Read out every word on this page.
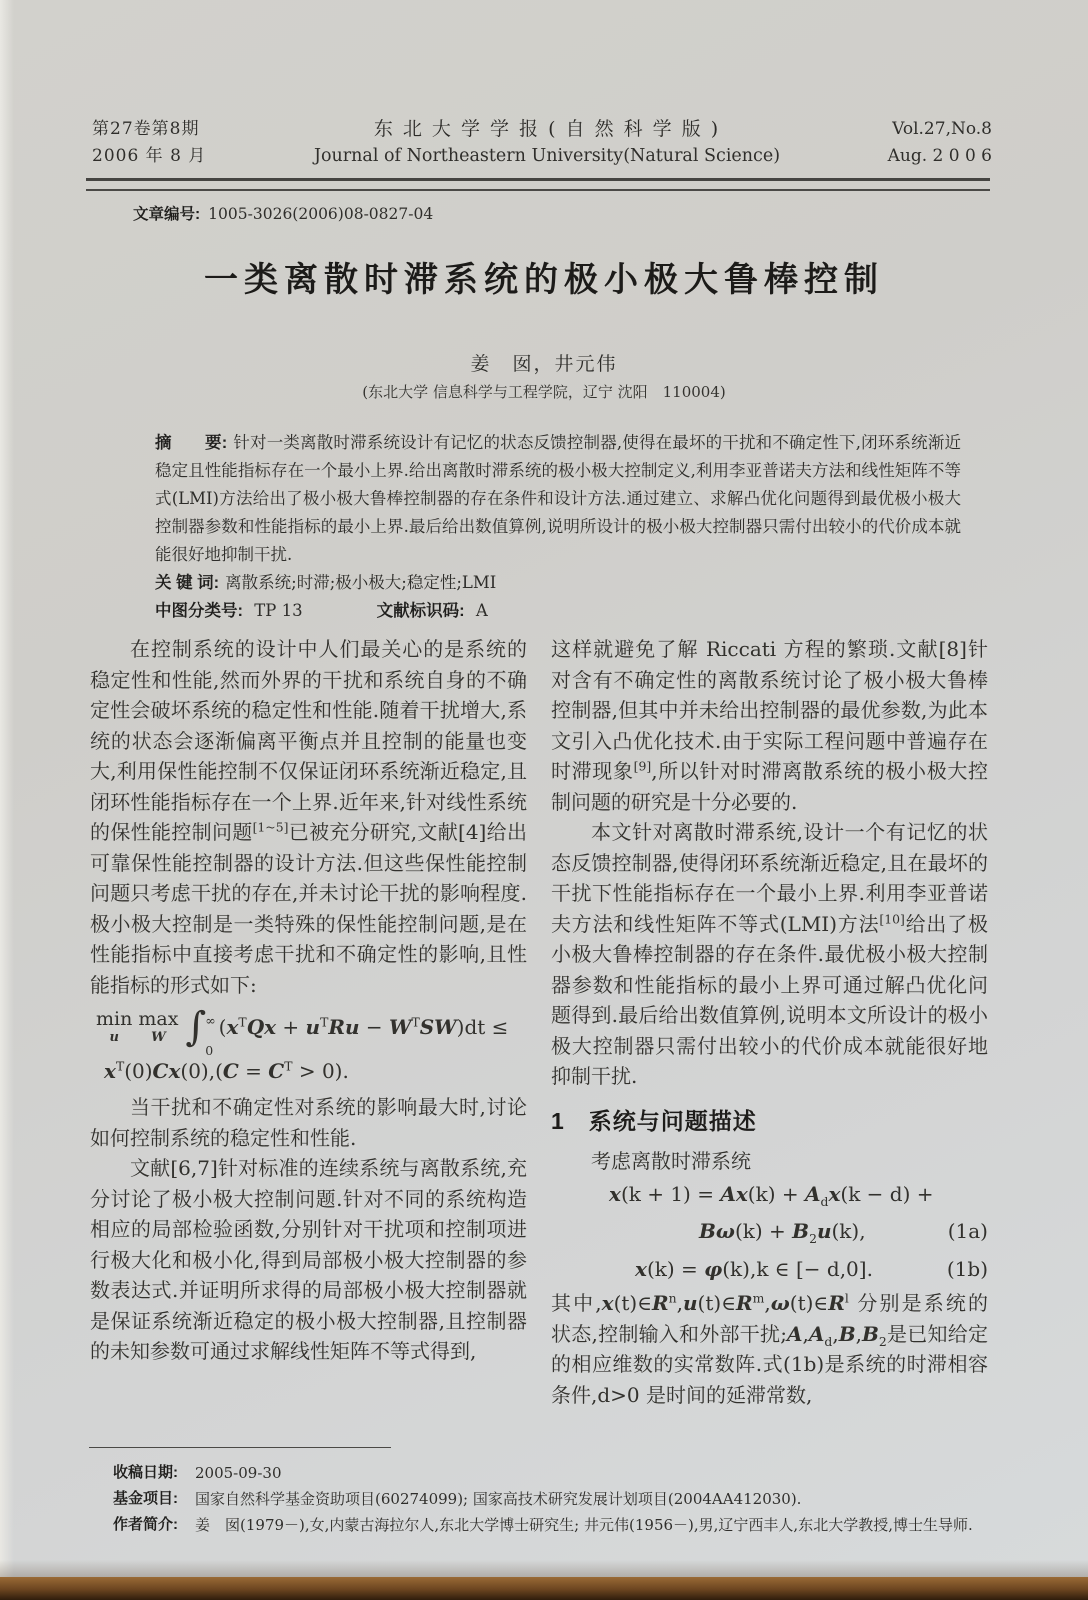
第27卷第8期
2006 年 8 月
东 北 大 学 学 报 ( 自 然 科 学 版 )
Journal of Northeastern University(Natural Science)
Vol.27,No.8
Aug. 2 0 0 6
文章编号: 1005-3026(2006)08-0827-04
一类离散时滞系统的极小极大鲁棒控制
姜　囡，井元伟
(东北大学 信息科学与工程学院，辽宁 沈阳　110004)

摘　　要: 针对一类离散时滞系统设计有记忆的状态反馈控制器,使得在最坏的干扰和不确定性下,闭环系统渐近稳定且性能指标存在一个最小上界.给出离散时滞系统的极小极大控制定义,利用李亚普诺夫方法和线性矩阵不等式(LMI)方法给出了极小极大鲁棒控制器的存在条件和设计方法.通过建立、求解凸优化问题得到最优极小极大控制器参数和性能指标的最小上界.最后给出数值算例,说明所设计的极小极大控制器只需付出较小的代价成本就能很好地抑制干扰.

关 键 词: 离散系统;时滞;极小极大;稳定性;LMI

中图分类号: TP 13	文献标识码: A

在控制系统的设计中人们最关心的是系统的稳定性和性能,然而外界的干扰和系统自身的不确定性会破坏系统的稳定性和性能.随着干扰增大,系统的状态会逐渐偏离平衡点并且控制的能量也变大,利用保性能控制不仅保证闭环系统渐近稳定,且闭环性能指标存在一个上界.近年来,针对线性系统的保性能控制问题[1~5]已被充分研究,文献[4]给出可靠保性能控制器的设计方法.但这些保性能控制问题只考虑干扰的存在,并未讨论干扰的影响程度.极小极大控制是一类特殊的保性能控制问题,是在性能指标中直接考虑干扰和不确定性的影响,且性能指标的形式如下:

min
u
max
W ∫ ∞
0
$(x^TQx + u^TRu - W^TSW)dt$ ≤
$x^T(0)Cx(0),(C = C^T > 0)$.

当干扰和不确定性对系统的影响最大时,讨论如何控制系统的稳定性和性能.

文献[6,7]针对标准的连续系统与离散系统,充分讨论了极小极大控制问题.针对不同的系统构造相应的局部检验函数,分别针对干扰项和控制项进行极大化和极小化,得到局部极小极大控制器的参数表达式.并证明所求得的局部极小极大控制器就是保证系统渐近稳定的极小极大控制器,且控制器的未知参数可通过求解线性矩阵不等式得到,

这样就避免了解 Riccati 方程的繁琐.文献[8]针对含有不确定性的离散系统讨论了极小极大鲁棒控制器,但其中并未给出控制器的最优参数,为此本文引入凸优化技术.由于实际工程问题中普遍存在时滞现象[9],所以针对时滞离散系统的极小极大控制问题的研究是十分必要的.

本文针对离散时滞系统,设计一个有记忆的状态反馈控制器,使得闭环系统渐近稳定,且在最坏的干扰下性能指标存在一个最小上界.利用李亚普诺夫方法和线性矩阵不等式(LMI)方法[10]给出了极小极大鲁棒控制器的存在条件.最优极小极大控制器参数和性能指标的最小上界可通过解凸优化问题得到.最后给出数值算例,说明本文所设计的极小极大控制器只需付出较小的代价成本就能很好地抑制干扰.

1　系统与问题描述

考虑离散时滞系统

$x(k + 1) = Ax(k) + A_dx(k - d)$ +
$B\omega(k) + B_2u(k)$,	(1a)
x(k) = φ(k),k ∈ [− d,0].	(1b)

其中$,x(t)\in R^n,u(t)\in R^m,\omega(t)\in R^l$ 分别是系统的状态,控制输入和外部干扰$;A,A_d,B,B_2$是已知给定的相应维数的实常数阵.式(1b)是系统的时滞相容条件,d>0 是时间的延滞常数,

收稿日期:	2005-09-30
基金项目:	国家自然科学基金资助项目(60274099); 国家高技术研究发展计划项目(2004AA412030).
作者简介:	姜　囡(1979－),女,内蒙古海拉尔人,东北大学博士研究生; 井元伟(1956－),男,辽宁西丰人,东北大学教授,博士生导师.
